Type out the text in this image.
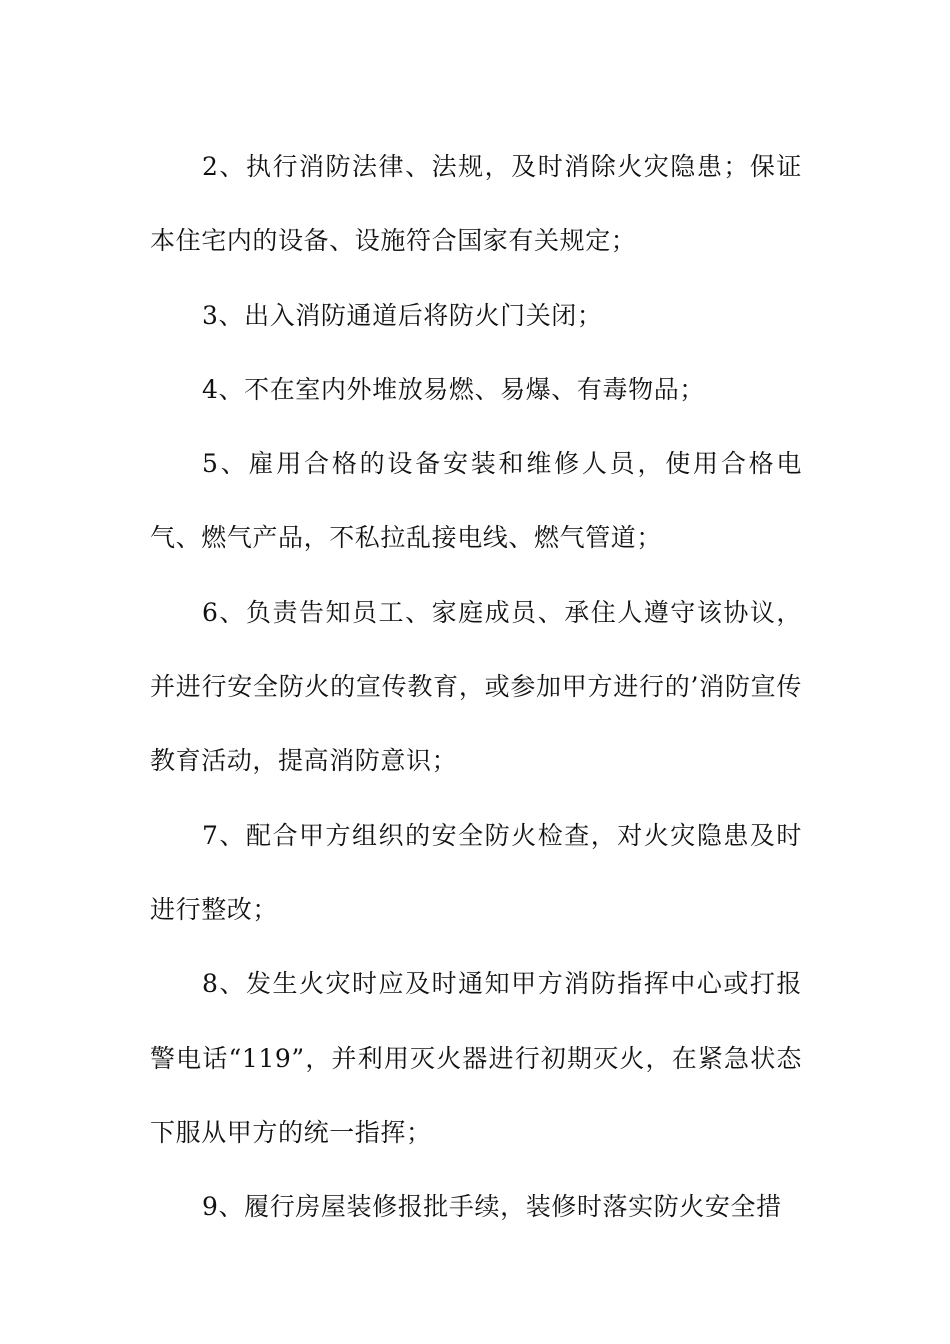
2、执行消防法律、法规，及时消除火灾隐患；保证本住宅内的设备、设施符合国家有关规定；

3、出入消防通道后将防火门关闭；

4、不在室内外堆放易燃、易爆、有毒物品；

5、雇用合格的设备安装和维修人员，使用合格电气、燃气产品，不私拉乱接电线、燃气管道；

6、负责告知员工、家庭成员、承住人遵守该协议，并进行安全防火的宣传教育，或参加甲方进行的’消防宣传教育活动，提高消防意识；

7、配合甲方组织的安全防火检查，对火灾隐患及时进行整改；

8、发生火灾时应及时通知甲方消防指挥中心或打报警电话“119”，并利用灭火器进行初期灭火，在紧急状态下服从甲方的统一指挥；

9、履行房屋装修报批手续，装修时落实防火安全措
